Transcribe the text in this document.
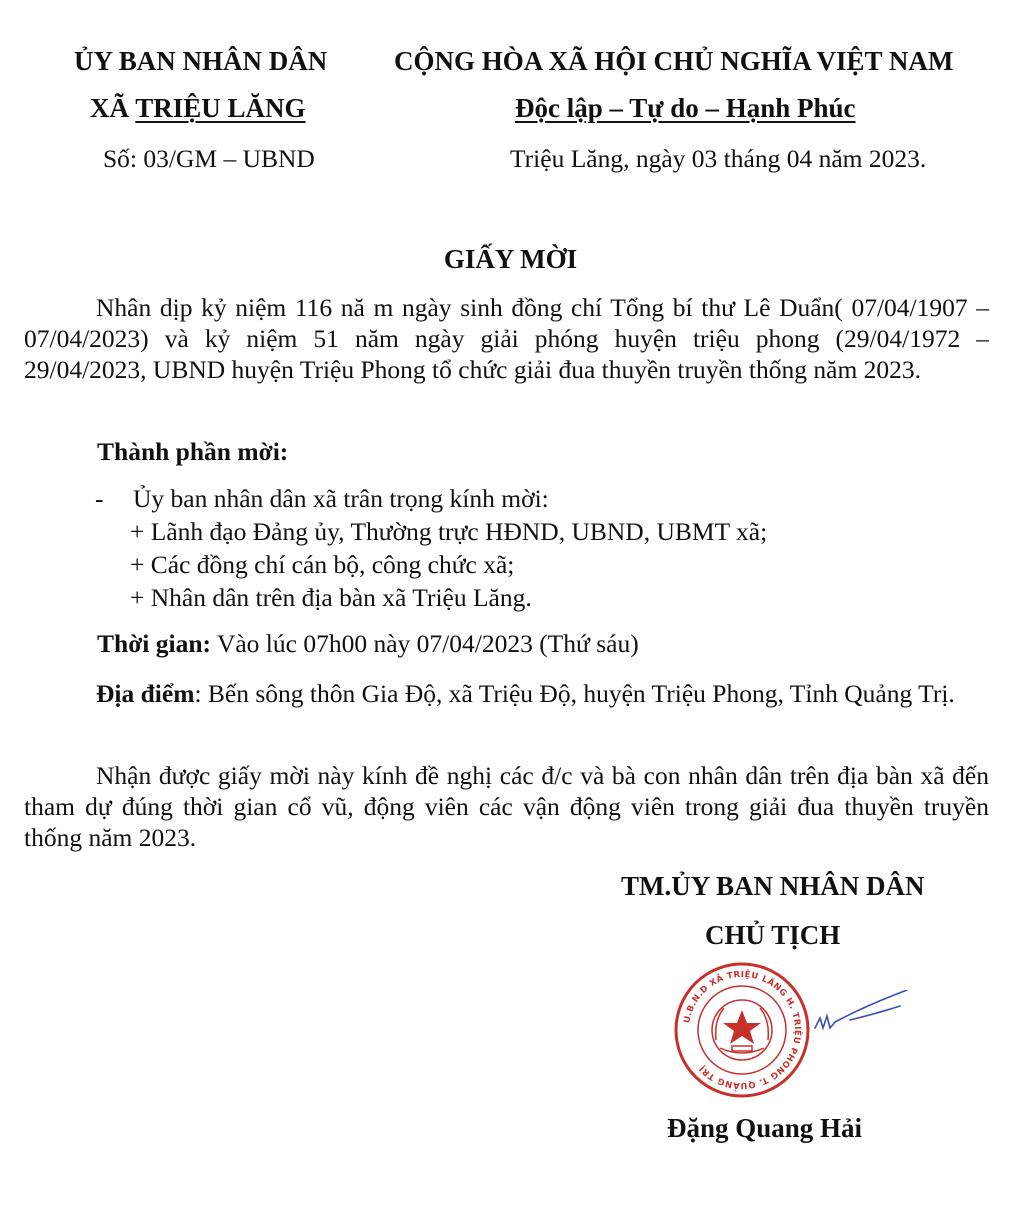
ỦY BAN NHÂN DÂN
XÃ TRIỆU LĂNG
Số: 03/GM – UBND
CỘNG HÒA XÃ HỘI CHỦ NGHĨA VIỆT NAM
Độc lập – Tự do – Hạnh Phúc
Triệu Lăng, ngày 03 tháng 04 năm 2023.
GIẤY MỜI
Nhân dịp kỷ niệm 116 nă m ngày sinh đồng chí Tổng bí thư Lê Duẩn( 07/04/1907 – 07/04/2023) và kỷ niệm 51 năm ngày giải phóng huyện triệu phong (29/04/1972 – 29/04/2023, UBND huyện Triệu Phong tổ chức giải đua thuyền truyền thống năm 2023.
Thành phần mời:
- Ủy ban nhân dân xã trân trọng kính mời:
+ Lãnh đạo Đảng ủy, Thường trực HĐND, UBND, UBMT xã;
+ Các đồng chí cán bộ, công chức xã;
+ Nhân dân trên địa bàn xã Triệu Lăng.
Thời gian: Vào lúc 07h00 này 07/04/2023 (Thứ sáu)
Địa điểm: Bến sông thôn Gia Độ, xã Triệu Độ, huyện Triệu Phong, Tỉnh Quảng Trị.
Nhận được giấy mời này kính đề nghị các đ/c và bà con nhân dân trên địa bàn xã đến tham dự đúng thời gian cổ vũ, động viên các vận động viên trong giải đua thuyền truyền thống năm 2023.
TM.ỦY BAN NHÂN DÂN
CHỦ TỊCH
U.B.N.D XÃ TRIỆU LĂNG H. TRIỆU PHONG T. QUẢNG TRỊ
Đặng Quang Hải
